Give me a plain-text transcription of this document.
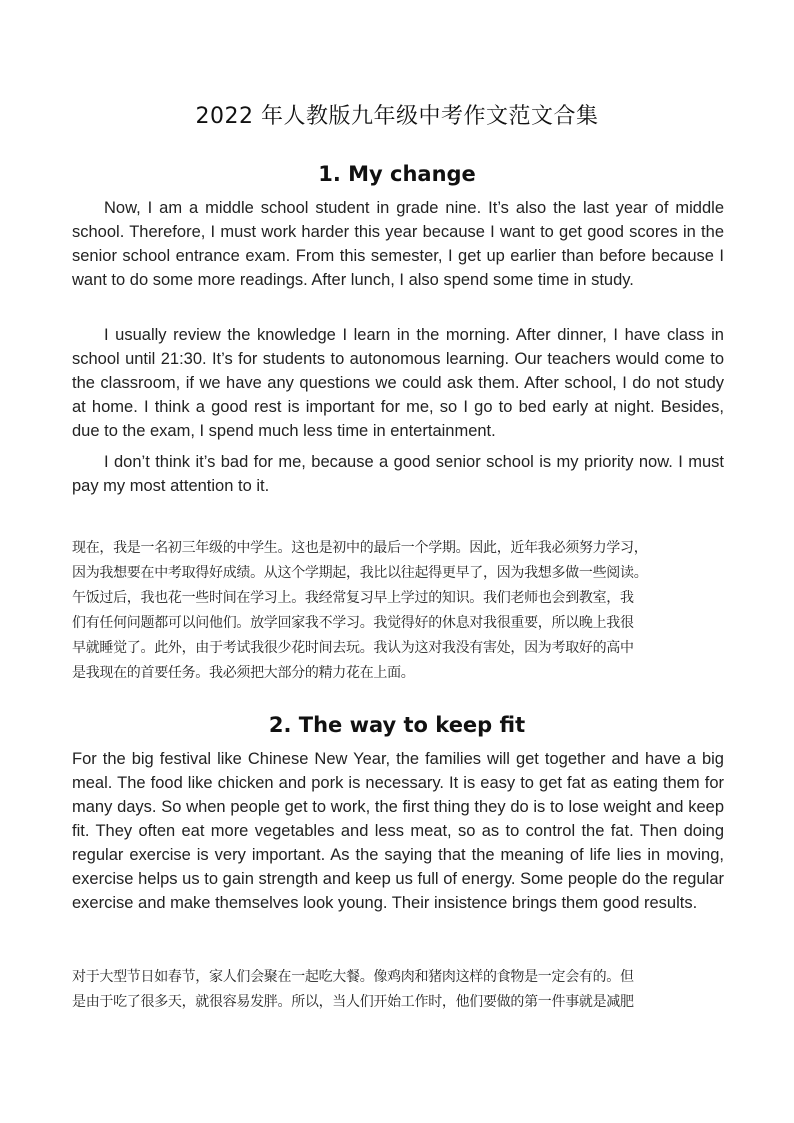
2022 年人教版九年级中考作文范文合集
1. My change

Now, I am a middle school student in grade nine. It’s also the last year of middle school. Therefore, I must work harder this year because I want to get good scores in the senior school entrance exam. From this semester, I get up earlier than before because I want to do some more readings. After lunch, I also spend some time in study.

I usually review the knowledge I learn in the morning. After dinner, I have class in school until 21:30. It’s for students to autonomous learning. Our teachers would come to the classroom, if we have any questions we could ask them. After school, I do not study at home. I think a good rest is important for me, so I go to bed early at night. Besides, due to the exam, I spend much less time in entertainment.

I don’t think it’s bad for me, because a good senior school is my priority now. I must pay my most attention to it.

现在，我是一名初三年级的中学生。这也是初中的最后一个学期。因此，近年我必须努力学习，
因为我想要在中考取得好成绩。从这个学期起，我比以往起得更早了，因为我想多做一些阅读。
午饭过后，我也花一些时间在学习上。我经常复习早上学过的知识。我们老师也会到教室，我
们有任何问题都可以问他们。放学回家我不学习。我觉得好的休息对我很重要，所以晚上我很
早就睡觉了。此外，由于考试我很少花时间去玩。我认为这对我没有害处，因为考取好的高中
是我现在的首要任务。我必须把大部分的精力花在上面。
2. The way to keep fit

For the big festival like Chinese New Year, the families will get together and have a big meal. The food like chicken and pork is necessary. It is easy to get fat as eating them for many days. So when people get to work, the first thing they do is to lose weight and keep fit. They often eat more vegetables and less meat, so as to control the fat. Then doing regular exercise is very important. As the saying that the meaning of life lies in moving, exercise helps us to gain strength and keep us full of energy. Some people do the regular exercise and make themselves look young. Their insistence brings them good results.

对于大型节日如春节，家人们会聚在一起吃大餐。像鸡肉和猪肉这样的食物是一定会有的。但
是由于吃了很多天，就很容易发胖。所以，当人们开始工作时，他们要做的第一件事就是减肥
